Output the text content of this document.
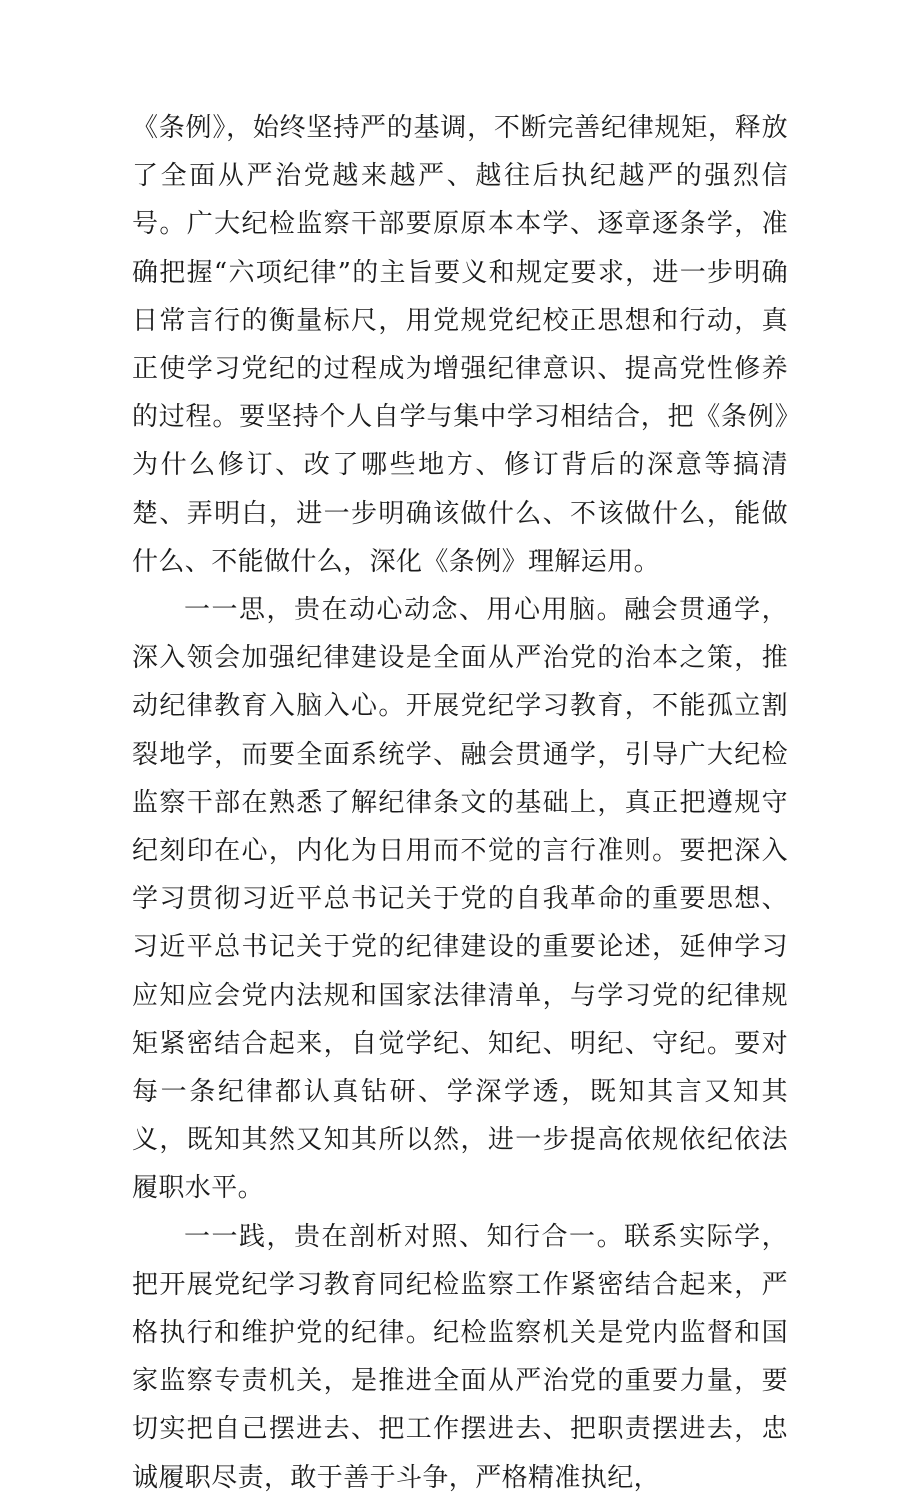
《条例》，始终坚持严的基调，不断完善纪律规矩，释放了全面从严治党越来越严、越往后执纪越严的强烈信号。广大纪检监察干部要原原本本学、逐章逐条学，准确把握“六项纪律”的主旨要义和规定要求，进一步明确日常言行的衡量标尺，用党规党纪校正思想和行动，真正使学习党纪的过程成为增强纪律意识、提高党性修养的过程。要坚持个人自学与集中学习相结合，把《条例》为什么修订、改了哪些地方、修订背后的深意等搞清楚、弄明白，进一步明确该做什么、不该做什么，能做什么、不能做什么，深化《条例》理解运用。

一一思，贵在动心动念、用心用脑。融会贯通学，深入领会加强纪律建设是全面从严治党的治本之策，推动纪律教育入脑入心。开展党纪学习教育，不能孤立割裂地学，而要全面系统学、融会贯通学，引导广大纪检监察干部在熟悉了解纪律条文的基础上，真正把遵规守纪刻印在心，内化为日用而不觉的言行准则。要把深入学习贯彻习近平总书记关于党的自我革命的重要思想、习近平总书记关于党的纪律建设的重要论述，延伸学习应知应会党内法规和国家法律清单，与学习党的纪律规矩紧密结合起来，自觉学纪、知纪、明纪、守纪。要对每一条纪律都认真钻研、学深学透，既知其言又知其义，既知其然又知其所以然，进一步提高依规依纪依法履职水平。

一一践，贵在剖析对照、知行合一。联系实际学，把开展党纪学习教育同纪检监察工作紧密结合起来，严格执行和维护党的纪律。纪检监察机关是党内监督和国家监察专责机关，是推进全面从严治党的重要力量，要切实把自己摆进去、把工作摆进去、把职责摆进去，忠诚履职尽责，敢于善于斗争，严格精准执纪，
